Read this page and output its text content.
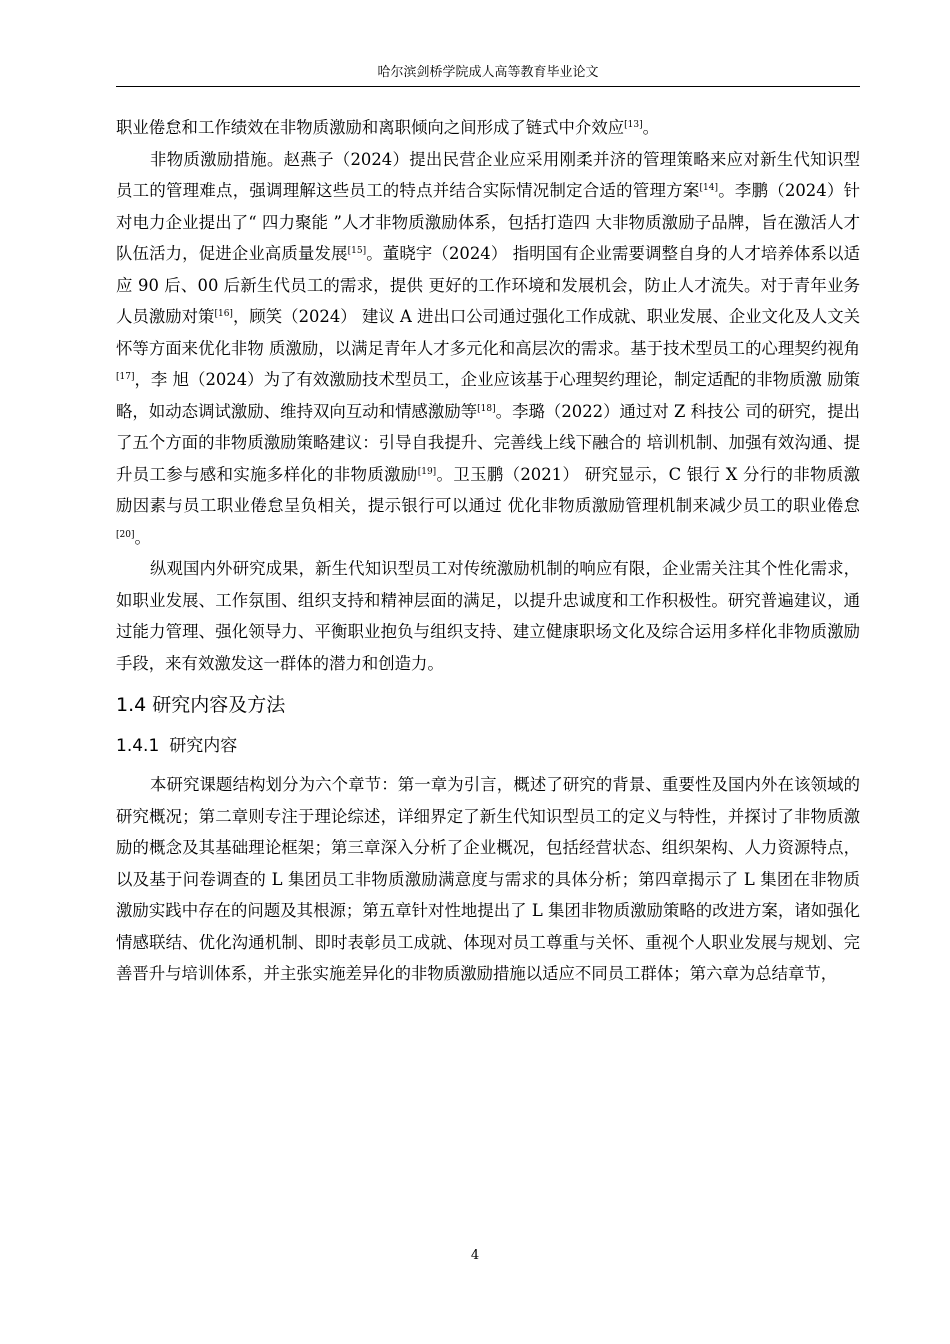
哈尔滨剑桥学院成人高等教育毕业论文

职业倦怠和工作绩效在非物质激励和离职倾向之间形成了链式中介效应[13]。

非物质激励措施。赵燕子（2024）提出民营企业应采用刚柔并济的管理策略来应对新生代知识型员工的管理难点，强调理解这些员工的特点并结合实际情况制定合适的管理方案[14]。李鹏（2024）针对电力企业提出了“ 四力聚能 ”人才非物质激励体系，包括打造四 大非物质激励子品牌，旨在激活人才队伍活力，促进企业高质量发展[15]。董晓宇（2024） 指明国有企业需要调整自身的人才培养体系以适应 90 后、00 后新生代员工的需求，提供 更好的工作环境和发展机会，防止人才流失。对于青年业务人员激励对策[16]，顾笑（2024） 建议 A 进出口公司通过强化工作成就、职业发展、企业文化及人文关怀等方面来优化非物 质激励，以满足青年人才多元化和高层次的需求。基于技术型员工的心理契约视角[17]，李 旭（2024）为了有效激励技术型员工，企业应该基于心理契约理论，制定适配的非物质激 励策略，如动态调试激励、维持双向互动和情感激励等[18]。李璐（2022）通过对 Z 科技公 司的研究，提出了五个方面的非物质激励策略建议：引导自我提升、完善线上线下融合的 培训机制、加强有效沟通、提升员工参与感和实施多样化的非物质激励[19]。卫玉鹏（2021） 研究显示，C 银行 X 分行的非物质激励因素与员工职业倦怠呈负相关，提示银行可以通过 优化非物质激励管理机制来减少员工的职业倦怠[20]。

纵观国内外研究成果，新生代知识型员工对传统激励机制的响应有限，企业需关注其个性化需求，如职业发展、工作氛围、组织支持和精神层面的满足，以提升忠诚度和工作积极性。研究普遍建议，通过能力管理、强化领导力、平衡职业抱负与组织支持、建立健康职场文化及综合运用多样化非物质激励手段，来有效激发这一群体的潜力和创造力。

1.4 研究内容及方法
1.4.1 研究内容

本研究课题结构划分为六个章节：第一章为引言，概述了研究的背景、重要性及国内外在该领域的研究概况；第二章则专注于理论综述，详细界定了新生代知识型员工的定义与特性，并探讨了非物质激励的概念及其基础理论框架；第三章深入分析了企业概况，包括经营状态、组织架构、人力资源特点，以及基于问卷调查的 L 集团员工非物质激励满意度与需求的具体分析；第四章揭示了 L 集团在非物质激励实践中存在的问题及其根源；第五章针对性地提出了 L 集团非物质激励策略的改进方案，诸如强化情感联结、优化沟通机制、即时表彰员工成就、体现对员工尊重与关怀、重视个人职业发展与规划、完善晋升与培训体系，并主张实施差异化的非物质激励措施以适应不同员工群体；第六章为总结章节，

4
